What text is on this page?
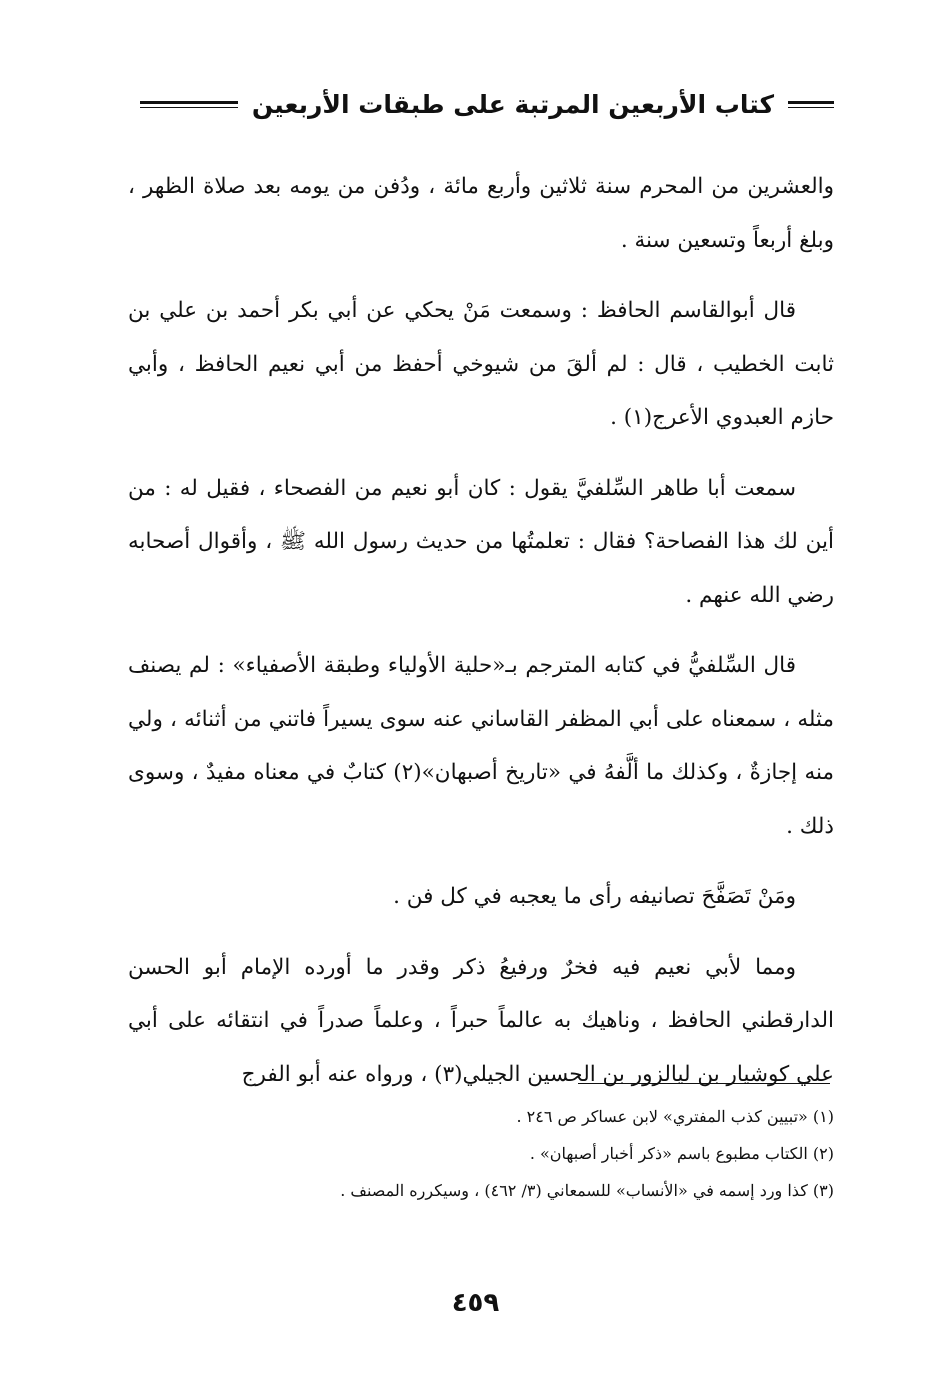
كتاب الأربعين المرتبة على طبقات الأربعين

والعشرين من المحرم سنة ثلاثين وأربع مائة ، ودُفن من يومه بعد صلاة الظهر ، وبلغ أربعاً وتسعين سنة .

قال أبوالقاسم الحافظ : وسمعت مَنْ يحكي عن أبي بكر أحمد بن علي بن ثابت الخطيب ، قال : لم ألقَ من شيوخي أحفظ من أبي نعيم الحافظ ، وأبي حازم العبدوي الأعرج(١) .

سمعت أبا طاهر السِّلفيَّ يقول : كان أبو نعيم من الفصحاء ، فقيل له : من أين لك هذا الفصاحة؟ فقال : تعلمتُها من حديث رسول الله ﷺ ، وأقوال أصحابه رضي الله عنهم .

قال السِّلفيُّ في كتابه المترجم بـ«حلية الأولياء وطبقة الأصفياء» : لم يصنف مثله ، سمعناه على أبي المظفر القاساني عنه سوى يسيراً فاتني من أثنائه ، ولي منه إجازةٌ ، وكذلك ما ألَّفهُ في «تاريخ أصبهان»(٢) كتابٌ في معناه مفيدٌ ، وسوى ذلك .

ومَنْ تَصَفَّحَ تصانيفه رأى ما يعجبه في كل فن .

ومما لأبي نعيم فيه فخرٌ ورفيعُ ذكر وقدر ما أورده الإمام أبو الحسن الدارقطني الحافظ ، وناهيك به عالماً حبراً ، وعلماً صدراً في انتقائه على أبي علي كوشيار بن ليالزور بن الحسين الجيلي(٣) ، ورواه عنه أبو الفرج

(١) «تبيين كذب المفتري» لابن عساكر ص ٢٤٦ .
(٢) الكتاب مطبوع باسم «ذكر أخبار أصبهان» .
(٣) كذا ورد إسمه في «الأنساب» للسمعاني (٣/ ٤٦٢) ، وسيكرره المصنف .
٤٥٩
